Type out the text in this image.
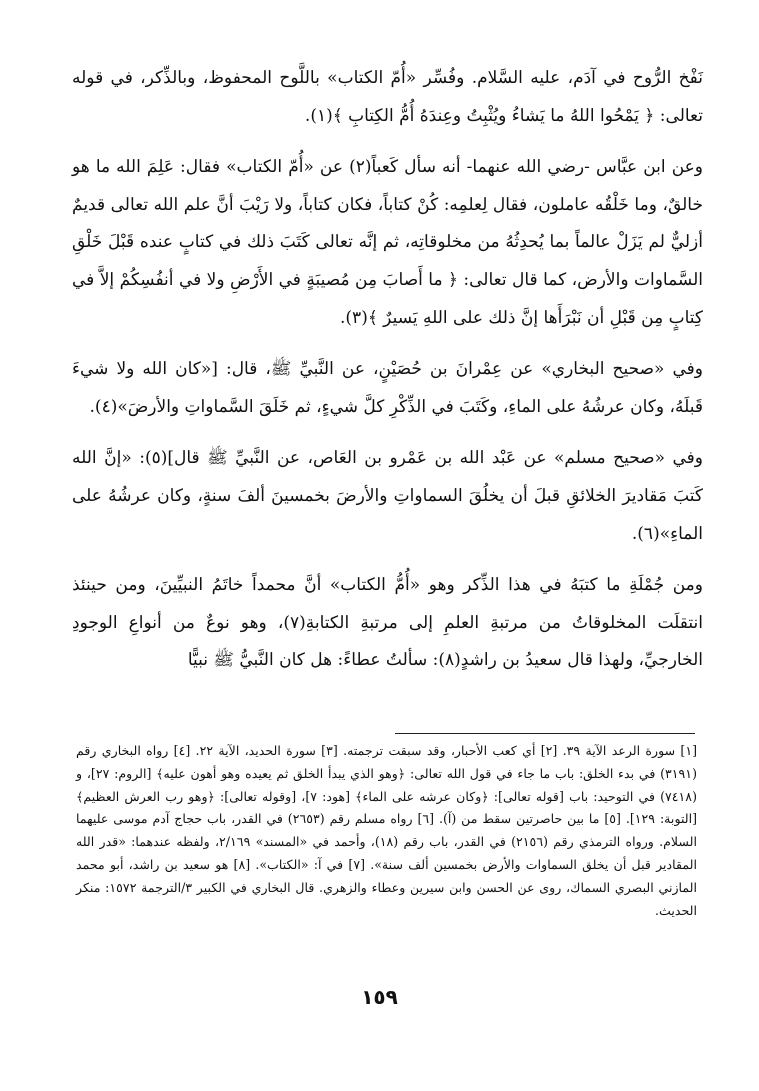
نَفْخ الرُّوح في آدَم، عليه السَّلام. وفُسِّر «أُمّ الكتاب» باللَّوح المحفوظ، وبالذِّكر، في قوله تعالى: ﴿ يَمْحُوا اللهُ ما يَشاءُ ويُثْبِتُ وعِندَهُ أُمُّ الكِتابِ ﴾(١).

وعن ابن عبَّاس -رضي الله عنهما- أنه سأل كَعباً(٢) عن «أُمّ الكتاب» فقال: عَلِمَ الله ما هو خالقٌ، وما خَلْقُه عاملون، فقال لِعلمِه: كُنْ كتاباً، فكان كتاباً، ولا رَيْبَ أنَّ علم الله تعالى قديمٌ أزليٌّ لم يَزَلْ عالماً بما يُحدِثُهُ من مخلوقاتِه، ثم إنَّه تعالى كَتَبَ ذلك في كتابٍ عنده قَبْلَ خَلْقِ السَّماوات والأرض، كما قال تعالى: ﴿ ما أَصابَ مِن مُصيبَةٍ في الأَرْضِ ولا في أنفُسِكُمْ إلاَّ في كِتابٍ مِن قَبْلِ أن نَبْرَأَها إنَّ ذلك على اللهِ يَسيرٌ ﴾(٣).

وفي «صحيح البخاري» عن عِمْرانَ بن حُصَيْنٍ، عن النَّبيِّ ﷺ، قال: [«كان الله ولا شيءَ قَبلَهُ، وكان عرشُهُ على الماءِ، وكَتَبَ في الذِّكْرِ كلَّ شيءٍ، ثم خَلَقَ السَّماواتِ والأرضَ»(٤).

وفي «صحيح مسلم» عن عَبْد الله بن عَمْرو بن العَاص، عن النَّبيِّ ﷺ قال](٥): «إنَّ الله كَتبَ مَقاديرَ الخلائقِ قبلَ أن يخلُقَ السماواتِ والأرضَ بخمسينَ ألفَ سنةٍ، وكان عرشُهُ على الماءِ»(٦).

ومن جُمْلَةِ ما كتبَهُ في هذا الذِّكر وهو «أُمُّ الكتاب» أنَّ محمداً خاتَمُ النبيِّينَ، ومن حينئذ انتقلَت المخلوقاتُ من مرتبةِ العلمِ إلى مرتبةِ الكتابةِ(٧)، وهو نوعٌ من أنواعِ الوجودِ الخارجيِّ، ولهذا قال سعيدُ بن راشدٍ(٨): سألتُ عطاءً: هل كان النَّبيُّ ﷺ نبيًّا

[١] سورة الرعد الآية ٣٩. [٢] أي كعب الأحبار، وقد سبقت ترجمته. [٣] سورة الحديد، الآية ٢٢. [٤] رواه البخاري رقم (٣١٩١) في بدء الخلق: باب ما جاء في قول الله تعالى: ﴿وهو الذي يبدأ الخلق ثم يعيده وهو أهون عليه﴾ [الروم: ٢٧]، و (٧٤١٨) في التوحيد: باب [قوله تعالى]: ﴿وكان عرشه على الماء﴾ [هود: ٧]، [وقوله تعالى]: ﴿وهو رب العرش العظيم﴾ [التوبة: ١٢٩]. [٥] ما بين حاصرتين سقط من (آ). [٦] رواه مسلم رقم (٢٦٥٣) في القدر، باب حجاج آدم موسى عليهما السلام. ورواه الترمذي رقم (٢١٥٦) في القدر، باب رقم (١٨)، وأحمد في «المسند» ٢/١٦٩، ولفظه عندهما: «قدر الله المقادير قبل أن يخلق السماوات والأرض بخمسين ألف سنة». [٧] في آ: «الكتاب». [٨] هو سعيد بن راشد، أبو محمد المازني البصري السماك، روى عن الحسن وابن سيرين وعطاء والزهري. قال البخاري في الكبير ٣/الترجمة ١٥٧٢: منكر الحديث.

١٥٩
